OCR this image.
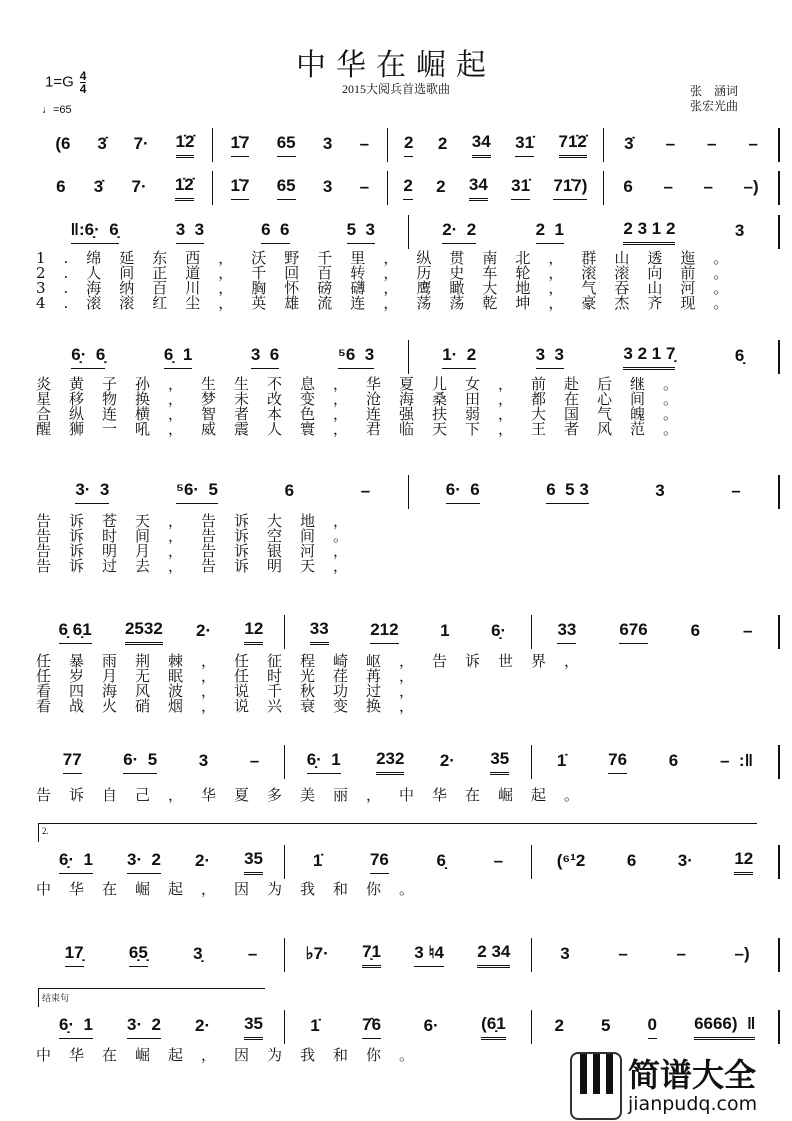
中华在崛起
2015大阅兵首选歌曲
$1=G \frac{4}{4}$
♩=65
张　涵词
张宏光曲
(6 3̇ 7· 1̇2̇ 1̇7 65 3 – 2 2 34 31̇ 71̇2̇ 3̇ – – –
6 3̇ 7· 1̇2̇ 1̇7 65 3 – 2 2 34 31̇ 71̇7) 6 – – –)
‖:6̣·  6̣	3  3	6  6	5  3	2·  2	2  1	2 3 1 2	3
1.绵延东西，沃野千里，纵贯南北，群山透迤。
2.人间正道，千回百转，历史车轮，滚滚向前。
3.海纳百川，胸怀磅礴，鹰瞰大地，气吞山河。
4.滚滚红尘，英雄流连，荡荡乾坤，豪杰齐现。
6̣·  6̣	6̣  1	3  6	⁵6  3	1·  2	3  3	3 2 1 7̣	6̣
炎黄子孙，生生不息，华夏儿女，前赴后继。
星移物换，梦未改变，沧海桑田，都在心间。
合纵连横，智者本色，连强扶弱，大国气魄。
醒狮一吼，威震人寰，君临天下，王者风范。
3·  3	⁵6·  5	6	–	6·  6	6  5 3	3	–
告诉苍天，告诉大地，
告诉时间，告诉空间。
告诉明月，告诉银河，
告诉过去，告诉明天，
6̣ 6̣1 2532 2· 12	33 212 1 6̣·	33	676	6	–
任暴雨荆棘，任征程崎岖，告诉世界，
任岁月无眠，任时光荏苒，
看四海风波，说千秋功过，
看战火硝烟，说兴衰变换，
77 6·  5 3 –	6̣·  1 232 2· 35	1̇ 76 6 –  :‖
告诉自己，华夏多美丽，中华在崛起。
2.
6̣·  1 3·  2 2· 35	1̇	76	6̣	–	(⁶¹2 6 3· 12
中华在崛起，因为我和你。
17̣	6̣5̣	3̣	–	♭7· 7̣1 3 ♮4 2 34	3	–	–	–)
结束句
6̣·  1 3·  2 2· 35	1̇ 7̂6 6· (6̣1	2 5 0 6666)  ‖
中华在崛起，因为我和你。
简谱大全
jianpudq.com
